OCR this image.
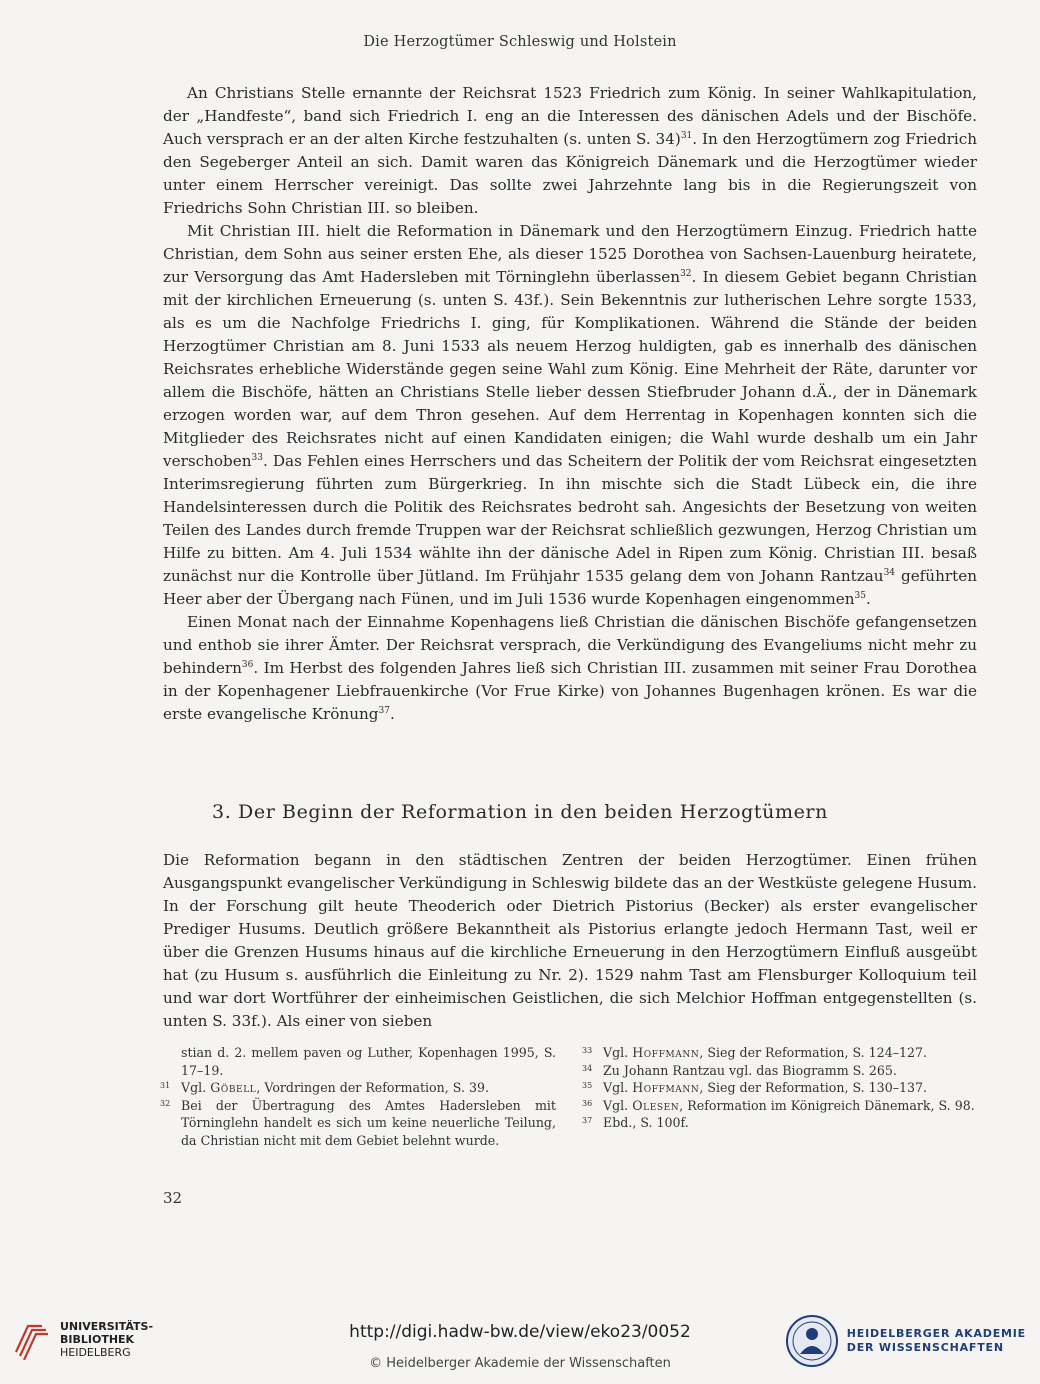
Die Herzogtümer Schleswig und Holstein

An Christians Stelle ernannte der Reichsrat 1523 Friedrich zum König. In seiner Wahlkapitulation, der „Handfeste“, band sich Friedrich I. eng an die Interessen des dänischen Adels und der Bischöfe. Auch versprach er an der alten Kirche festzuhalten (s. unten S. 34)$^{31}$. In den Herzogtümern zog Friedrich den Segeberger Anteil an sich. Damit waren das Königreich Dänemark und die Herzogtümer wieder unter einem Herrscher vereinigt. Das sollte zwei Jahrzehnte lang bis in die Regierungszeit von Friedrichs Sohn Christian III. so bleiben.

Mit Christian III. hielt die Reformation in Dänemark und den Herzogtümern Einzug. Friedrich hatte Christian, dem Sohn aus seiner ersten Ehe, als dieser 1525 Dorothea von Sachsen-Lauenburg heiratete, zur Versorgung das Amt Hadersleben mit Törninglehn überlassen$^{32}$. In diesem Gebiet begann Christian mit der kirchlichen Erneuerung (s. unten S. 43f.). Sein Bekenntnis zur lutherischen Lehre sorgte 1533, als es um die Nachfolge Friedrichs I. ging, für Komplikationen. Während die Stände der beiden Herzogtümer Christian am 8. Juni 1533 als neuem Herzog huldigten, gab es innerhalb des dänischen Reichsrates erhebliche Widerstände gegen seine Wahl zum König. Eine Mehrheit der Räte, darunter vor allem die Bischöfe, hätten an Christians Stelle lieber dessen Stiefbruder Johann d.Ä., der in Dänemark erzogen worden war, auf dem Thron gesehen. Auf dem Herrentag in Kopenhagen konnten sich die Mitglieder des Reichsrates nicht auf einen Kandidaten einigen; die Wahl wurde deshalb um ein Jahr verschoben$^{33}$. Das Fehlen eines Herrschers und das Scheitern der Politik der vom Reichsrat eingesetzten Interimsregierung führten zum Bürgerkrieg. In ihn mischte sich die Stadt Lübeck ein, die ihre Handelsinteressen durch die Politik des Reichsrates bedroht sah. Angesichts der Besetzung von weiten Teilen des Landes durch fremde Truppen war der Reichsrat schließlich gezwungen, Herzog Christian um Hilfe zu bitten. Am 4. Juli 1534 wählte ihn der dänische Adel in Ripen zum König. Christian III. besaß zunächst nur die Kontrolle über Jütland. Im Frühjahr 1535 gelang dem von Johann Rantzau$^{34}$ geführten Heer aber der Übergang nach Fünen, und im Juli 1536 wurde Kopenhagen eingenommen$^{35}$.

Einen Monat nach der Einnahme Kopenhagens ließ Christian die dänischen Bischöfe gefangensetzen und enthob sie ihrer Ämter. Der Reichsrat versprach, die Verkündigung des Evangeliums nicht mehr zu behindern$^{36}$. Im Herbst des folgenden Jahres ließ sich Christian III. zusammen mit seiner Frau Dorothea in der Kopenhagener Liebfrauenkirche (Vor Frue Kirke) von Johannes Bugenhagen krönen. Es war die erste evangelische Krönung$^{37}$.

3. Der Beginn der Reformation in den beiden Herzogtümern

Die Reformation begann in den städtischen Zentren der beiden Herzogtümer. Einen frühen Ausgangspunkt evangelischer Verkündigung in Schleswig bildete das an der Westküste gelegene Husum. In der Forschung gilt heute Theoderich oder Dietrich Pistorius (Becker) als erster evangelischer Prediger Husums. Deutlich größere Bekanntheit als Pistorius erlangte jedoch Hermann Tast, weil er über die Grenzen Husums hinaus auf die kirchliche Erneuerung in den Herzogtümern Einfluß ausgeübt hat (zu Husum s. ausführlich die Einleitung zu Nr. 2). 1529 nahm Tast am Flensburger Kolloquium teil und war dort Wortführer der einheimischen Geistlichen, die sich Melchior Hoffman entgegenstellten (s. unten S. 33f.). Als einer von sieben

stian d. 2. mellem paven og Luther, Kopenhagen 1995, S. 17–19.
31 Vgl. Göbell, Vordringen der Reformation, S. 39.
32 Bei der Übertragung des Amtes Hadersleben mit Törninglehn handelt es sich um keine neuerliche Teilung, da Christian nicht mit dem Gebiet belehnt wurde.
33 Vgl. Hoffmann, Sieg der Reformation, S. 124–127.
34 Zu Johann Rantzau vgl. das Biogramm S. 265.
35 Vgl. Hoffmann, Sieg der Reformation, S. 130–137.
36 Vgl. Olesen, Reformation im Königreich Dänemark, S. 98.
37 Ebd., S. 100f.
32
UNIVERSITÄTS-
BIBLIOTHEK
HEIDELBERG
http://digi.hadw-bw.de/view/eko23/0052
© Heidelberger Akademie der Wissenschaften
HEIDELBERGER AKADEMIE
DER WISSENSCHAFTEN
